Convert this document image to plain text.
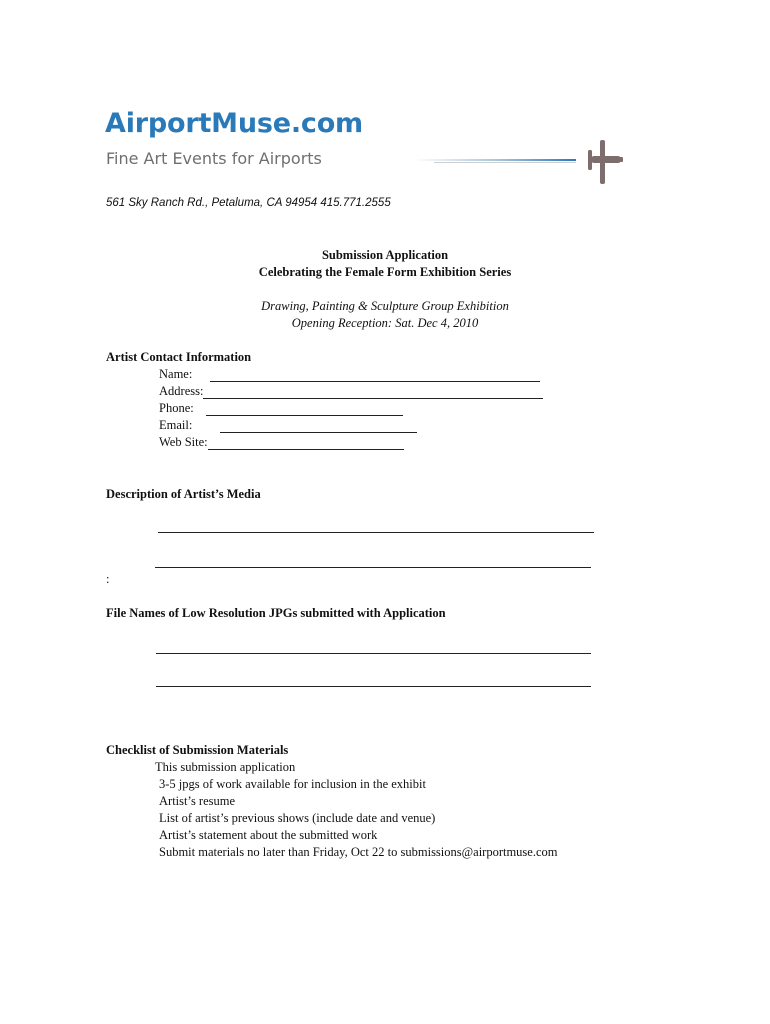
AirportMuse.com
Fine Art Events for Airports
561 Sky Ranch Rd., Petaluma, CA 94954 415.771.2555
Submission Application
Celebrating the Female Form Exhibition Series
Drawing, Painting & Sculpture Group Exhibition
Opening Reception: Sat. Dec 4, 2010
Artist Contact Information
Name:
Address:
Phone:
Email:
Web Site:
Description of Artist’s Media
:
File Names of Low Resolution JPGs submitted with Application
Checklist of Submission Materials
This submission application
3-5 jpgs of work available for inclusion in the exhibit
Artist’s resume
List of artist’s previous shows (include date and venue)
Artist’s statement about the submitted work
Submit materials no later than Friday, Oct 22 to submissions@airportmuse.com
